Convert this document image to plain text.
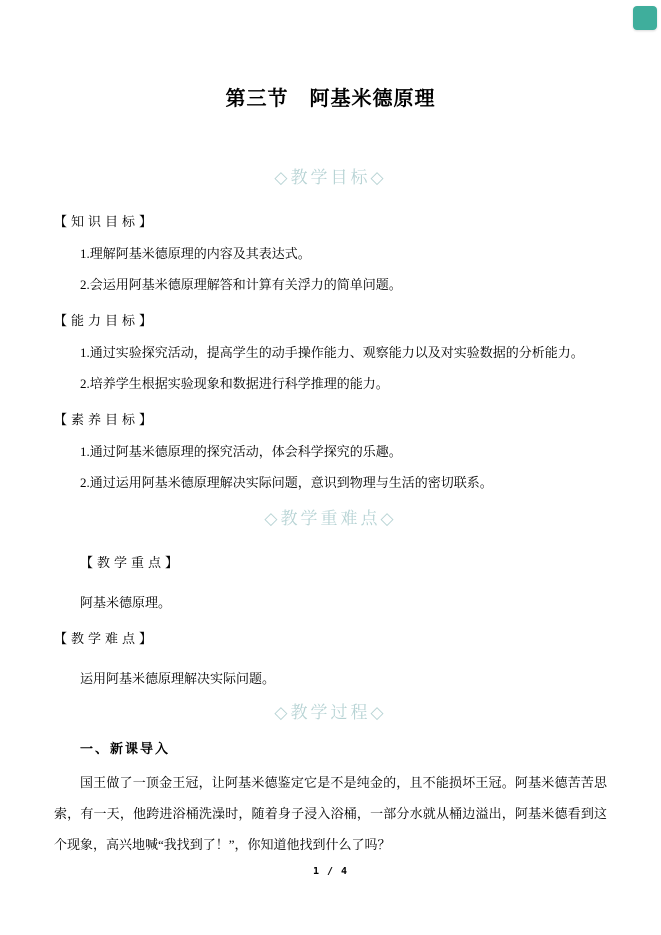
第三节　阿基米德原理
◇教学目标◇
【知识目标】
1.理解阿基米德原理的内容及其表达式。
2.会运用阿基米德原理解答和计算有关浮力的简单问题。
【能力目标】
1.通过实验探究活动，提高学生的动手操作能力、观察能力以及对实验数据的分析能力。
2.培养学生根据实验现象和数据进行科学推理的能力。
【素养目标】
1.通过阿基米德原理的探究活动，体会科学探究的乐趣。
2.通过运用阿基米德原理解决实际问题，意识到物理与生活的密切联系。
◇教学重难点◇
【教学重点】
阿基米德原理。
【教学难点】
运用阿基米德原理解决实际问题。
◇教学过程◇
一、新课导入

国王做了一顶金王冠，让阿基米德鉴定它是不是纯金的，且不能损坏王冠。阿基米德苦苦思索，有一天，他跨进浴桶洗澡时，随着身子浸入浴桶，一部分水就从桶边溢出，阿基米德看到这个现象，高兴地喊“我找到了！”，你知道他找到什么了吗？

1 / 4
